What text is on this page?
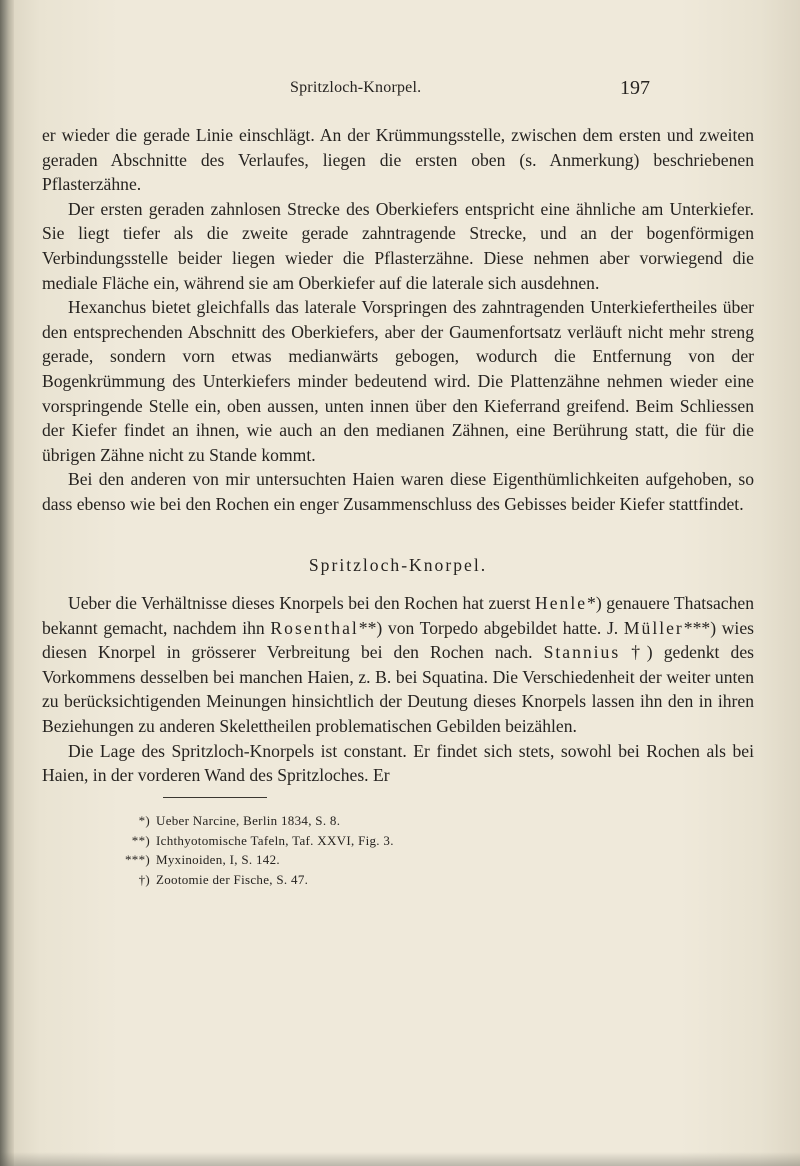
Spritzloch-Knorpel.	197

er wieder die gerade Linie einschlägt. An der Krümmungsstelle, zwischen dem ersten und zweiten geraden Abschnitte des Verlaufes, liegen die ersten oben (s. Anmerkung) beschriebenen Pflasterzähne.

Der ersten geraden zahnlosen Strecke des Oberkiefers entspricht eine ähnliche am Unterkiefer. Sie liegt tiefer als die zweite gerade zahntragende Strecke, und an der bogenförmigen Verbindungsstelle beider liegen wieder die Pflasterzähne. Diese nehmen aber vorwiegend die mediale Fläche ein, während sie am Oberkiefer auf die laterale sich ausdehnen.

Hexanchus bietet gleichfalls das laterale Vorspringen des zahntragenden Unterkiefertheiles über den entsprechenden Abschnitt des Oberkiefers, aber der Gaumenfortsatz verläuft nicht mehr streng gerade, sondern vorn etwas medianwärts gebogen, wodurch die Entfernung von der Bogenkrümmung des Unterkiefers minder bedeutend wird. Die Plattenzähne nehmen wieder eine vorspringende Stelle ein, oben aussen, unten innen über den Kieferrand greifend. Beim Schliessen der Kiefer findet an ihnen, wie auch an den medianen Zähnen, eine Berührung statt, die für die übrigen Zähne nicht zu Stande kommt.

Bei den anderen von mir untersuchten Haien waren diese Eigenthümlichkeiten aufgehoben, so dass ebenso wie bei den Rochen ein enger Zusammenschluss des Gebisses beider Kiefer stattfindet.

Spritzloch-Knorpel.

Ueber die Verhältnisse dieses Knorpels bei den Rochen hat zuerst Henle*) genauere Thatsachen bekannt gemacht, nachdem ihn Rosenthal**) von Torpedo abgebildet hatte. J. Müller***) wies diesen Knorpel in grösserer Verbreitung bei den Rochen nach. Stannius †) gedenkt des Vorkommens desselben bei manchen Haien, z. B. bei Squatina. Die Verschiedenheit der weiter unten zu berücksichtigenden Meinungen hinsichtlich der Deutung dieses Knorpels lassen ihn den in ihren Beziehungen zu anderen Skelettheilen problematischen Gebilden beizählen.

Die Lage des Spritzloch-Knorpels ist constant. Er findet sich stets, sowohl bei Rochen als bei Haien, in der vorderen Wand des Spritzloches. Er

*) Ueber Narcine, Berlin 1834, S. 8.
**) Ichthyotomische Tafeln, Taf. XXVI, Fig. 3.
***) Myxinoiden, I, S. 142.
†) Zootomie der Fische, S. 47.
